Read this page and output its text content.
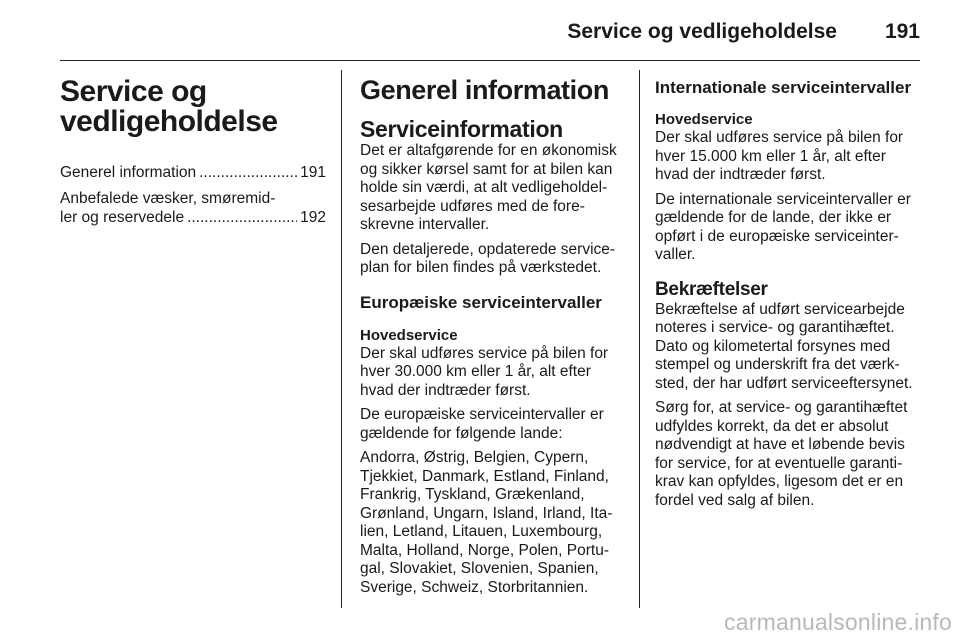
Service og vedligeholdelse 191
Service og
vedligeholdelse
Generel information .....	191
Anbefalede væsker, smøremid-
ler og reservedele .....	192
Generel information
Serviceinformation
Det er altafgørende for en økonomisk
og sikker kørsel samt for at bilen kan
holde sin værdi, at alt vedligeholdel-
sesarbejde udføres med de fore-
skrevne intervaller.
Den detaljerede, opdaterede service-
plan for bilen findes på værkstedet.
Europæiske serviceintervaller
Hovedservice
Der skal udføres service på bilen for
hver 30.000 km eller 1 år, alt efter
hvad der indtræder først.
De europæiske serviceintervaller er
gældende for følgende lande:
Andorra, Østrig, Belgien, Cypern,
Tjekkiet, Danmark, Estland, Finland,
Frankrig, Tyskland, Grækenland,
Grønland, Ungarn, Island, Irland, Ita-
lien, Letland, Litauen, Luxembourg,
Malta, Holland, Norge, Polen, Portu-
gal, Slovakiet, Slovenien, Spanien,
Sverige, Schweiz, Storbritannien.
Internationale serviceintervaller
Hovedservice
Der skal udføres service på bilen for
hver 15.000 km eller 1 år, alt efter
hvad der indtræder først.
De internationale serviceintervaller er
gældende for de lande, der ikke er
opført i de europæiske serviceinter-
valler.
Bekræftelser
Bekræftelse af udført servicearbejde
noteres i service- og garantihæftet.
Dato og kilometertal forsynes med
stempel og underskrift fra det værk-
sted, der har udført serviceeftersynet.
Sørg for, at service- og garantihæftet
udfyldes korrekt, da det er absolut
nødvendigt at have et løbende bevis
for service, for at eventuelle garanti-
krav kan opfyldes, ligesom det er en
fordel ved salg af bilen.
carmanualsonline.info
